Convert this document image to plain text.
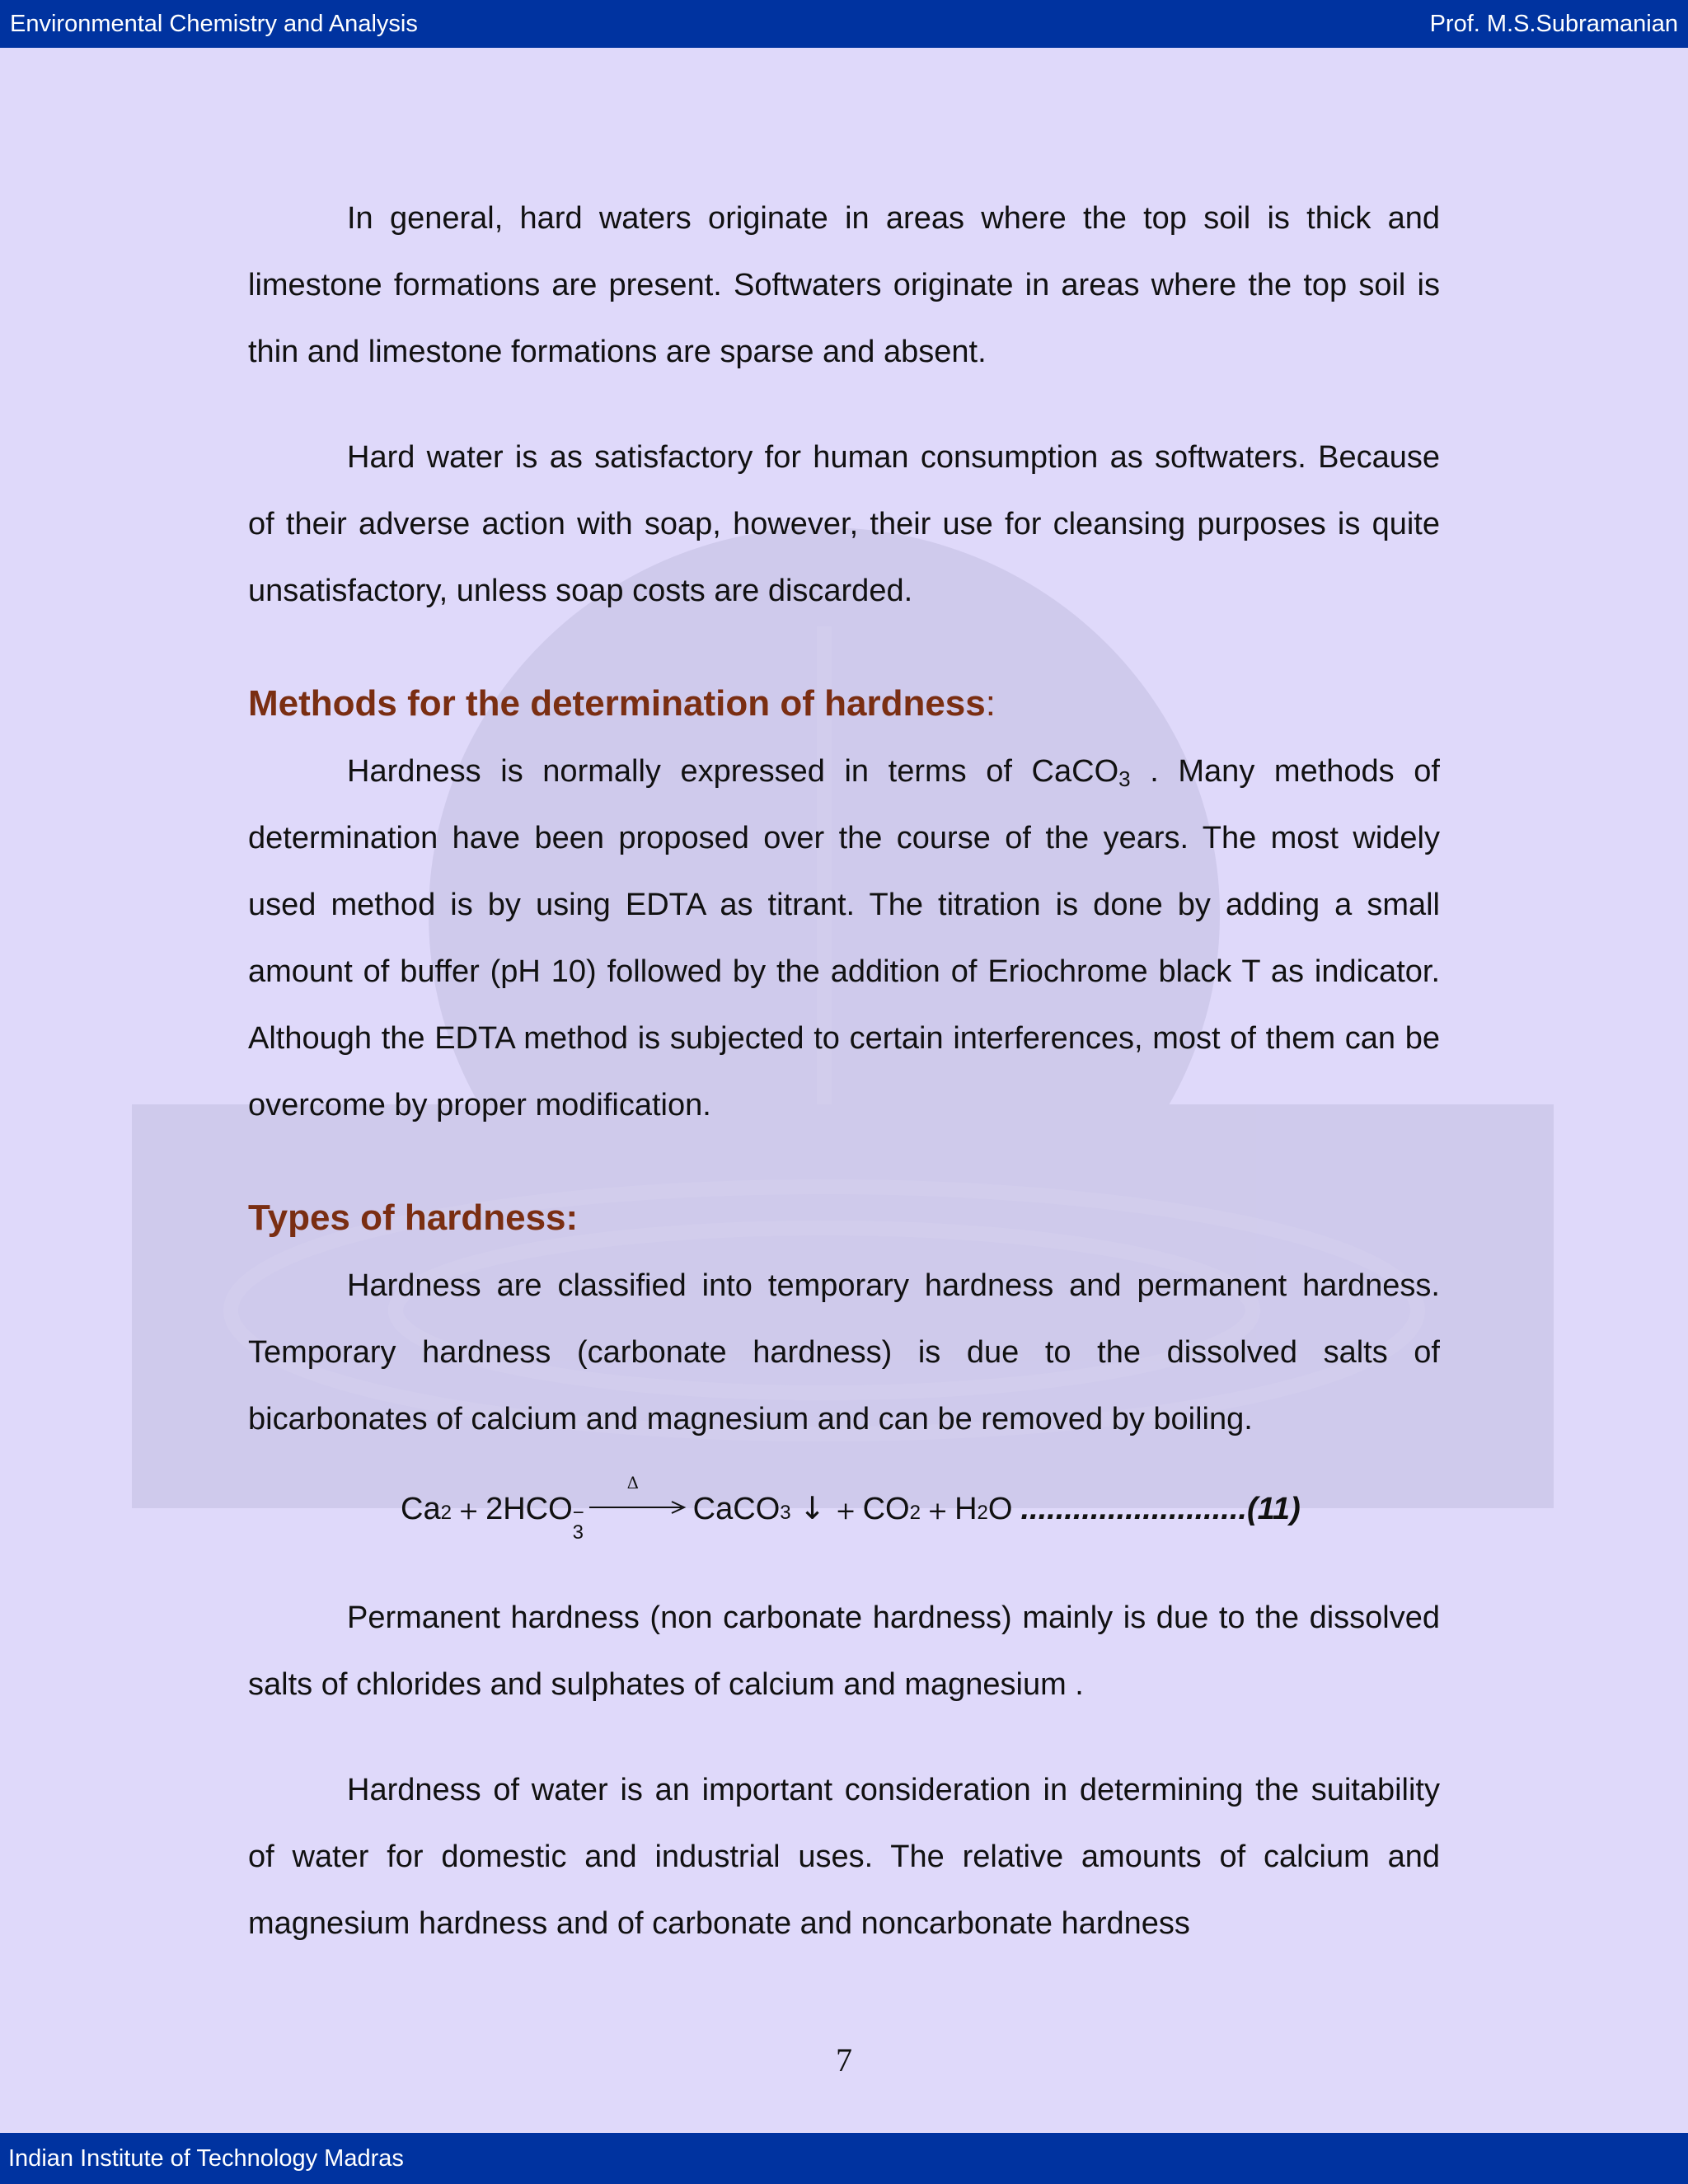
Environmental Chemistry and Analysis	Prof. M.S.Subramanian

In general, hard waters originate in areas where the top soil is thick and limestone formations are present. Softwaters originate in areas where the top soil is thin and limestone formations are sparse and absent.

Hard water is as satisfactory for human consumption as softwaters. Because of their adverse action with soap, however, their use for cleansing purposes is quite unsatisfactory, unless soap costs are discarded.

Methods for the determination of hardness:

Hardness is normally expressed in terms of CaCO$_3$ . Many methods of determination have been proposed over the course of the years. The most widely used method is by using EDTA as titrant. The titration is done by adding a small amount of buffer (pH 10) followed by the addition of Eriochrome black T as indicator. Although the EDTA method is subjected to certain interferences, most of them can be overcome by proper modification.

Types of hardness:

Hardness are classified into temporary hardness and permanent hardness. Temporary hardness (carbonate hardness) is due to the dissolved salts of bicarbonates of calcium and magnesium and can be removed by boiling.

Ca 2 + 2HCO −
3
Δ
CaCO 3 ↓ + CO 2 + H 2 O .......................... (11)

Permanent hardness (non carbonate hardness) mainly is due to the dissolved salts of chlorides and sulphates of calcium and magnesium .

Hardness of water is an important consideration in determining the suitability of water for domestic and industrial uses. The relative amounts of calcium and magnesium hardness and of carbonate and noncarbonate hardness

7
Indian Institute of Technology Madras
